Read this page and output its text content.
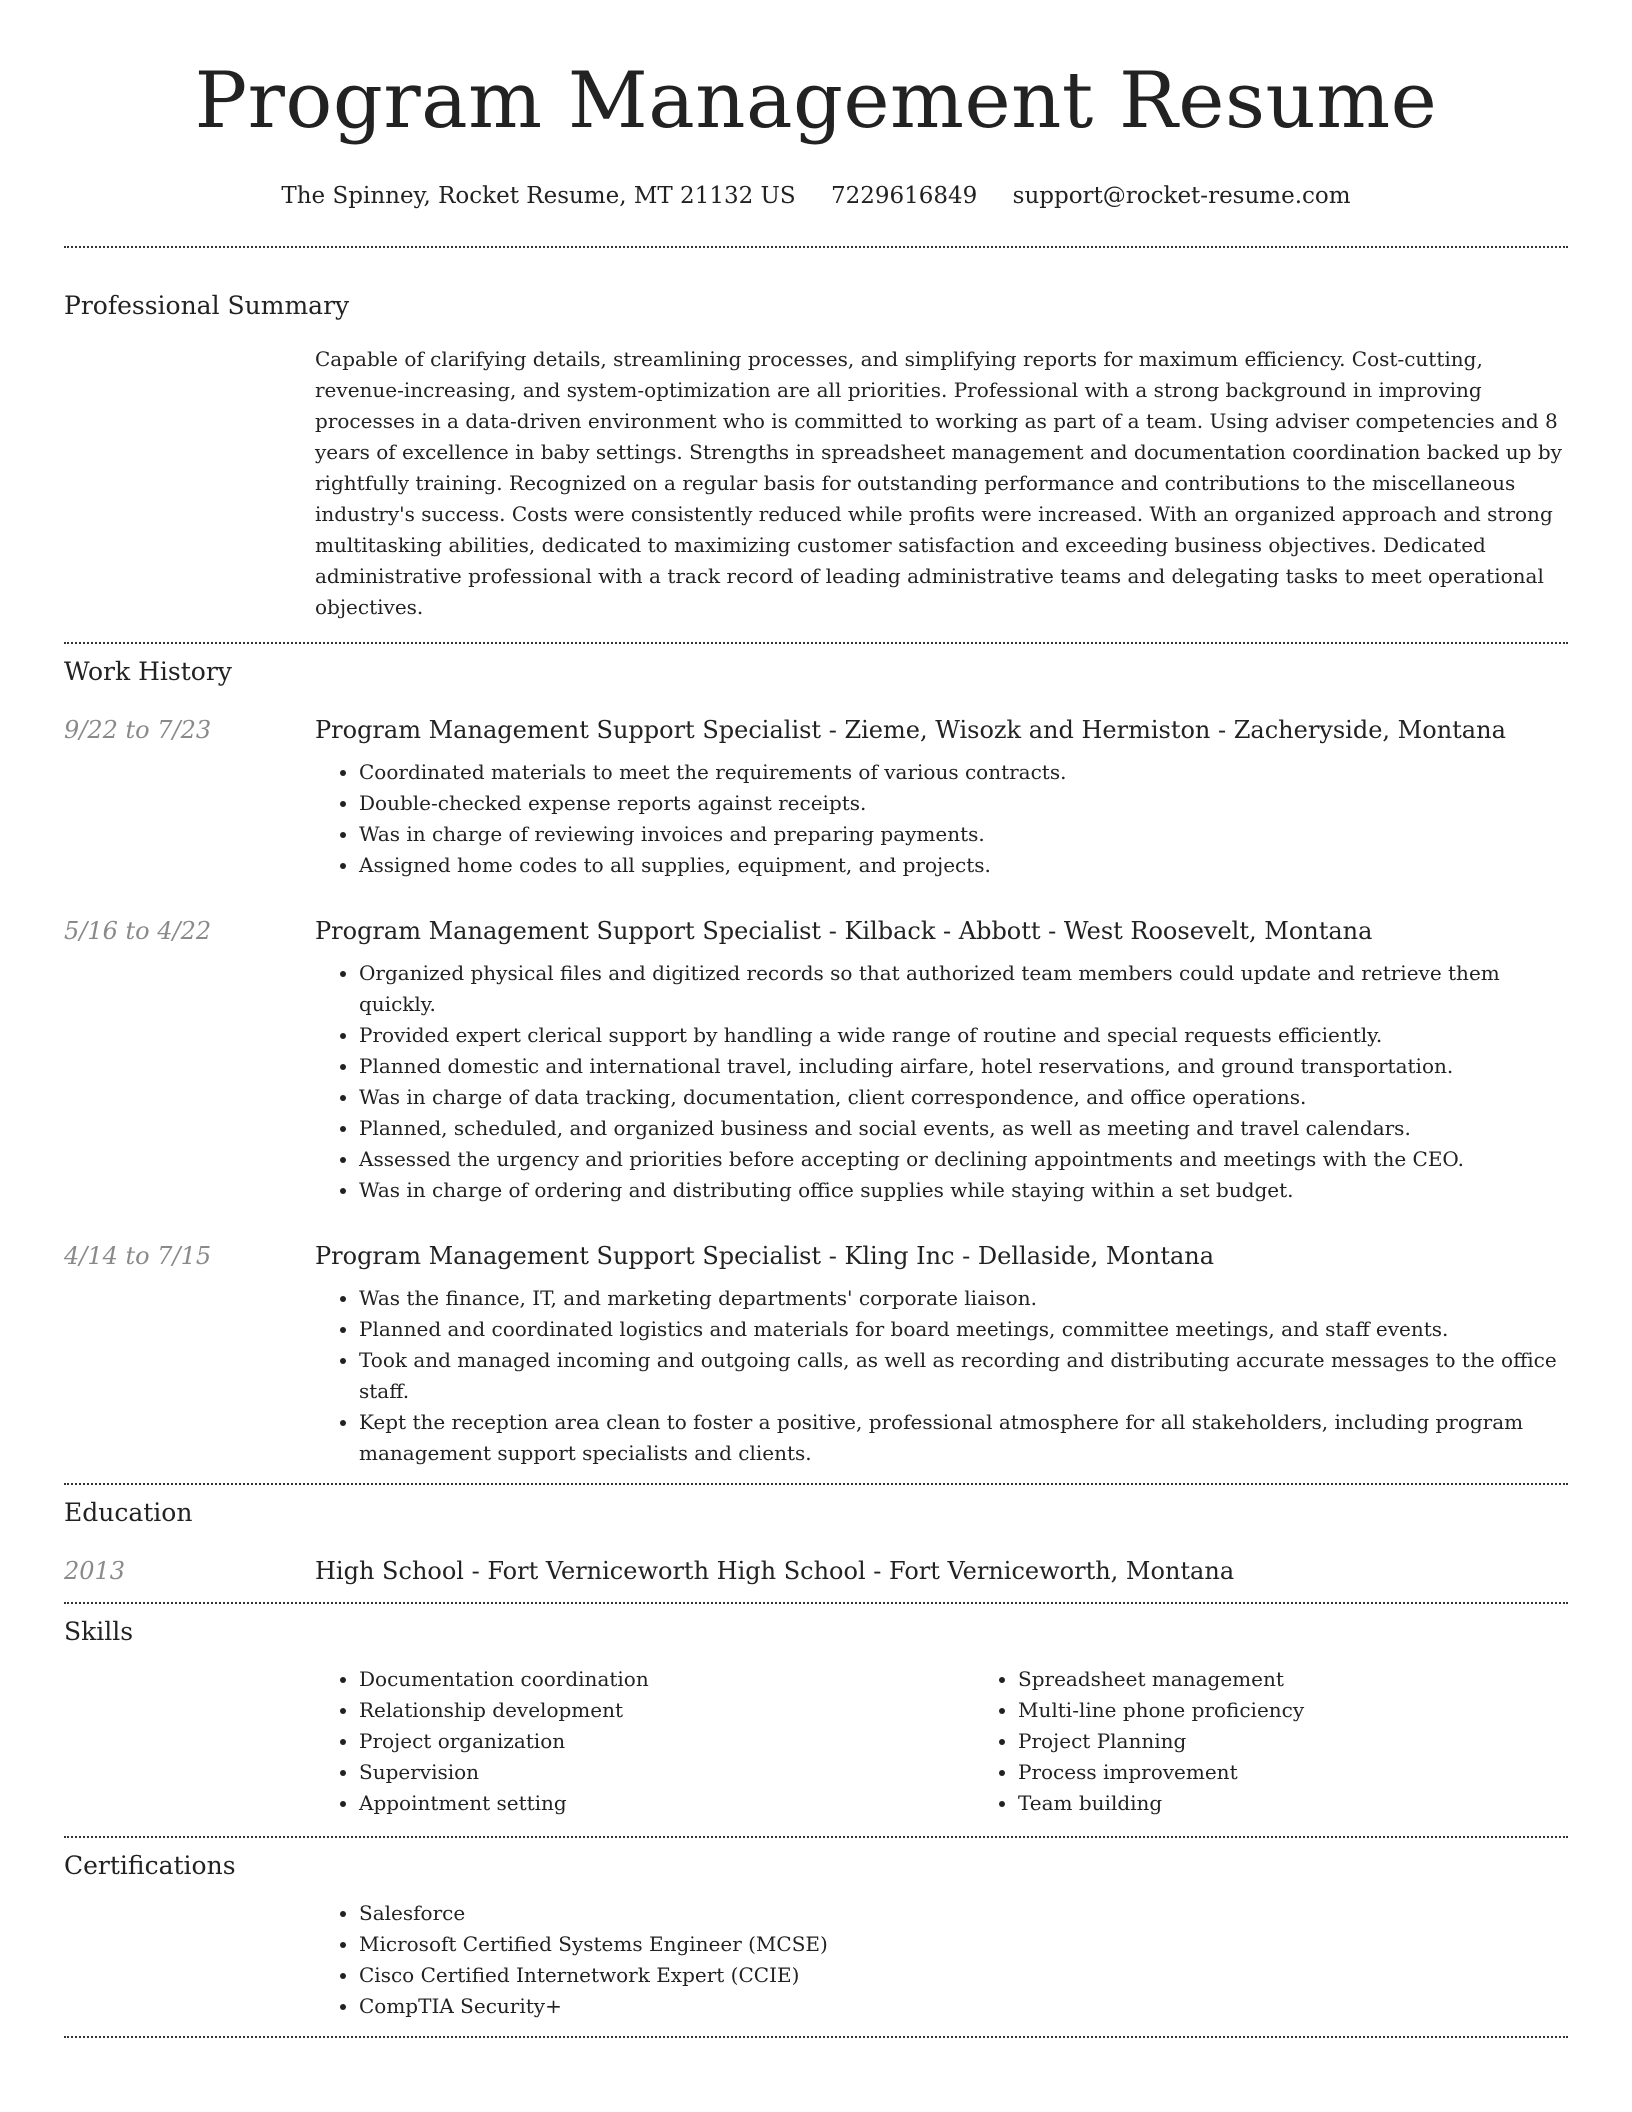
Program Management Resume
The Spinney, Rocket Resume, MT 21132 US 7229616849 support@rocket-resume.com
Professional Summary

Capable of clarifying details, streamlining processes, and simplifying reports for maximum efficiency. Cost-cutting, revenue-increasing, and system-optimization are all priorities. Professional with a strong background in improving processes in a data-driven environment who is committed to working as part of a team. Using adviser competencies and 8 years of excellence in baby settings. Strengths in spreadsheet management and documentation coordination backed up by rightfully training. Recognized on a regular basis for outstanding performance and contributions to the miscellaneous industry's success. Costs were consistently reduced while profits were increased. With an organized approach and strong multitasking abilities, dedicated to maximizing customer satisfaction and exceeding business objectives. Dedicated administrative professional with a track record of leading administrative teams and delegating tasks to meet operational objectives.

Work History
9/22 to 7/23	Program Management Support Specialist - Zieme, Wisozk and Hermiston - Zacheryside, Montana
• Coordinated materials to meet the requirements of various contracts.
• Double-checked expense reports against receipts.
• Was in charge of reviewing invoices and preparing payments.
• Assigned home codes to all supplies, equipment, and projects.
5/16 to 4/22	Program Management Support Specialist - Kilback - Abbott - West Roosevelt, Montana
• Organized physical files and digitized records so that authorized team members could update and retrieve them quickly.
• Provided expert clerical support by handling a wide range of routine and special requests efficiently.
• Planned domestic and international travel, including airfare, hotel reservations, and ground transportation.
• Was in charge of data tracking, documentation, client correspondence, and office operations.
• Planned, scheduled, and organized business and social events, as well as meeting and travel calendars.
• Assessed the urgency and priorities before accepting or declining appointments and meetings with the CEO.
• Was in charge of ordering and distributing office supplies while staying within a set budget.
4/14 to 7/15	Program Management Support Specialist - Kling Inc - Dellaside, Montana
• Was the finance, IT, and marketing departments' corporate liaison.
• Planned and coordinated logistics and materials for board meetings, committee meetings, and staff events.
• Took and managed incoming and outgoing calls, as well as recording and distributing accurate messages to the office staff.
• Kept the reception area clean to foster a positive, professional atmosphere for all stakeholders, including program management support specialists and clients.
Education
2013	High School - Fort Verniceworth High School - Fort Verniceworth, Montana
Skills
• Documentation coordination
• Relationship development
• Project organization
• Supervision
• Appointment setting
• Spreadsheet management
• Multi-line phone proficiency
• Project Planning
• Process improvement
• Team building
Certifications
• Salesforce
• Microsoft Certified Systems Engineer (MCSE)
• Cisco Certified Internetwork Expert (CCIE)
• CompTIA Security+
